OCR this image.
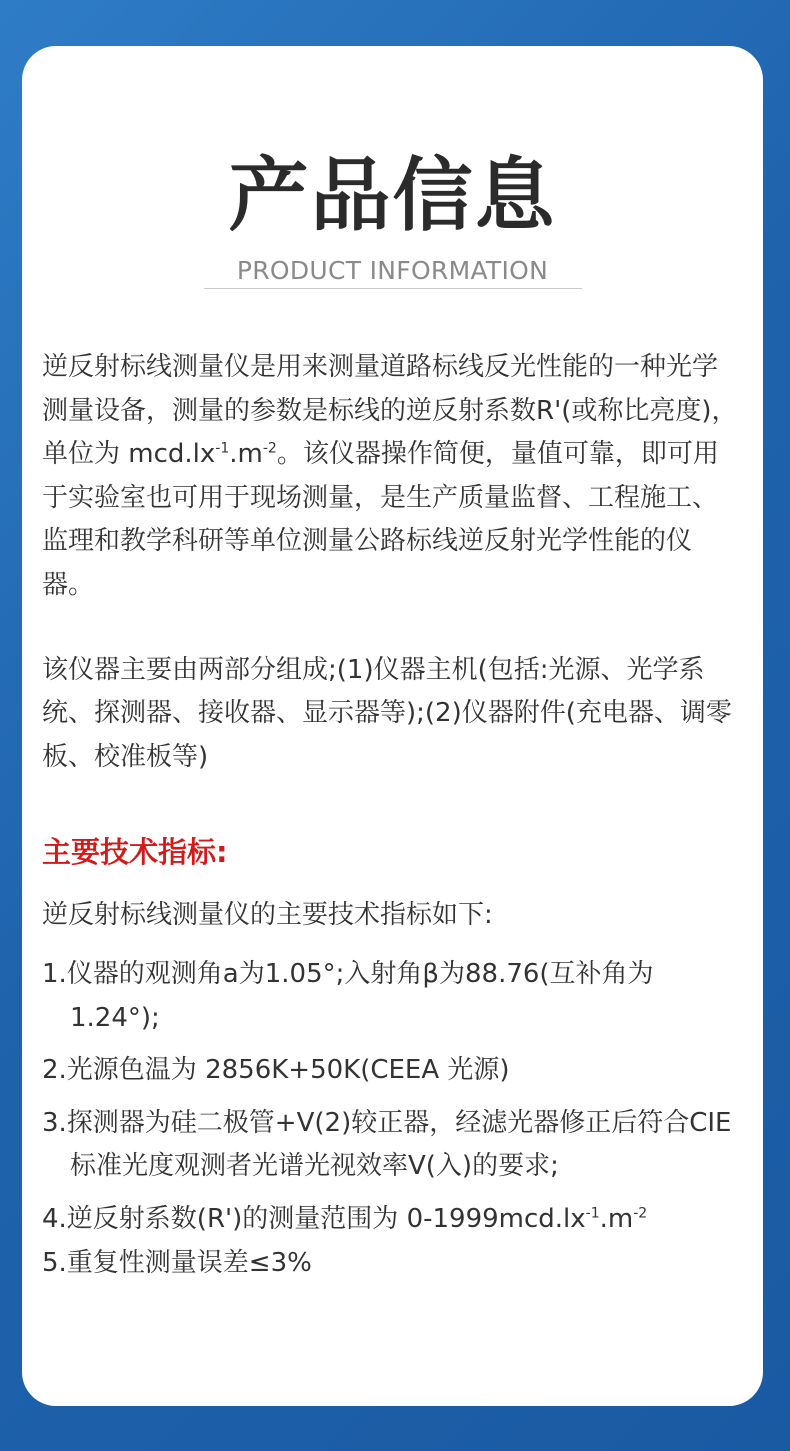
产品信息

PRODUCT INFORMATION

逆反射标线测量仪是用来测量道路标线反光性能的一种光学测量设备，测量的参数是标线的逆反射系数R'(或称比亮度)，单位为 $mcd.lx^{-1}.m^{-2}$。该仪器操作简便，量值可靠，即可用于实验室也可用于现场测量，是生产质量监督、工程施工、监理和教学科研等单位测量公路标线逆反射光学性能的仪器。

该仪器主要由两部分组成;(1)仪器主机(包括:光源、光学系统、探测器、接收器、显示器等);(2)仪器附件(充电器、调零板、校准板等)

主要技术指标:

逆反射标线测量仪的主要技术指标如下:

1.仪器的观测角a为1.05°;入射角β为88.76(互补角为1.24°);
2.光源色温为 2856K+50K(CEEA 光源)
3.探测器为硅二极管+V(2)较正器，经滤光器修正后符合CIE标准光度观测者光谱光视效率V(入)的要求;
4.逆反射系数(R')的测量范围为 $0-1999mcd.lx^{-1}.m^{-2}$
5.重复性测量误差≤3%
